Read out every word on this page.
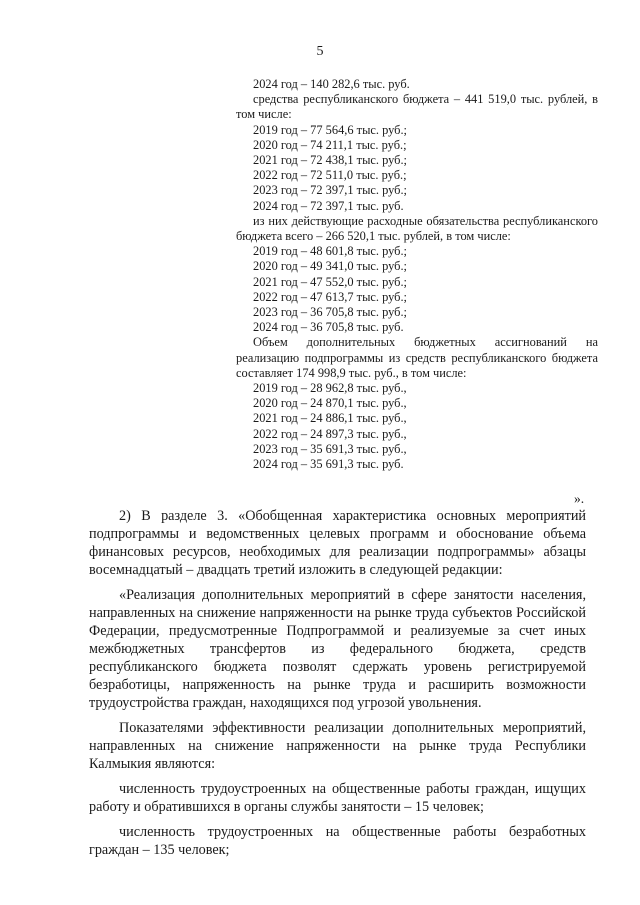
5

2024 год – 140 282,6 тыс. руб.

средства республиканского бюджета – 441 519,0 тыс. рублей, в том числе:

2019 год – 77 564,6 тыс. руб.;

2020 год – 74 211,1 тыс. руб.;

2021 год – 72 438,1 тыс. руб.;

2022 год – 72 511,0 тыс. руб.;

2023 год – 72 397,1 тыс. руб.;

2024 год – 72 397,1 тыс. руб.

из них действующие расходные обязательства республиканского бюджета всего – 266 520,1 тыс. рублей, в том числе:

2019 год – 48 601,8 тыс. руб.;

2020 год – 49 341,0 тыс. руб.;

2021 год – 47 552,0 тыс. руб.;

2022 год – 47 613,7 тыс. руб.;

2023 год – 36 705,8 тыс. руб.;

2024 год – 36 705,8 тыс. руб.

Объем дополнительных бюджетных ассигнований на реализацию подпрограммы из средств республиканского бюджета составляет 174 998,9 тыс. руб., в том числе:

2019 год – 28 962,8 тыс. руб.,

2020 год – 24 870,1 тыс. руб.,

2021 год – 24 886,1 тыс. руб.,

2022 год – 24 897,3 тыс. руб.,

2023 год – 35 691,3 тыс. руб.,

2024 год – 35 691,3 тыс. руб.

».

2) В разделе 3. «Обобщенная характеристика основных мероприятий подпрограммы и ведомственных целевых программ и обоснование объема финансовых ресурсов, необходимых для реализации подпрограммы» абзацы восемнадцатый – двадцать третий изложить в следующей редакции:

«Реализация дополнительных мероприятий в сфере занятости населения, направленных на снижение напряженности на рынке труда субъектов Российской Федерации, предусмотренные Подпрограммой и реализуемые за счет иных межбюджетных трансфертов из федерального бюджета, средств республиканского бюджета позволят сдержать уровень регистрируемой безработицы, напряженность на рынке труда и расширить возможности трудоустройства граждан, находящихся под угрозой увольнения.

Показателями эффективности реализации дополнительных мероприятий, направленных на снижение напряженности на рынке труда Республики Калмыкия являются:

численность трудоустроенных на общественные работы граждан, ищущих работу и обратившихся в органы службы занятости – 15 человек;

численность трудоустроенных на общественные работы безработных граждан – 135 человек;
